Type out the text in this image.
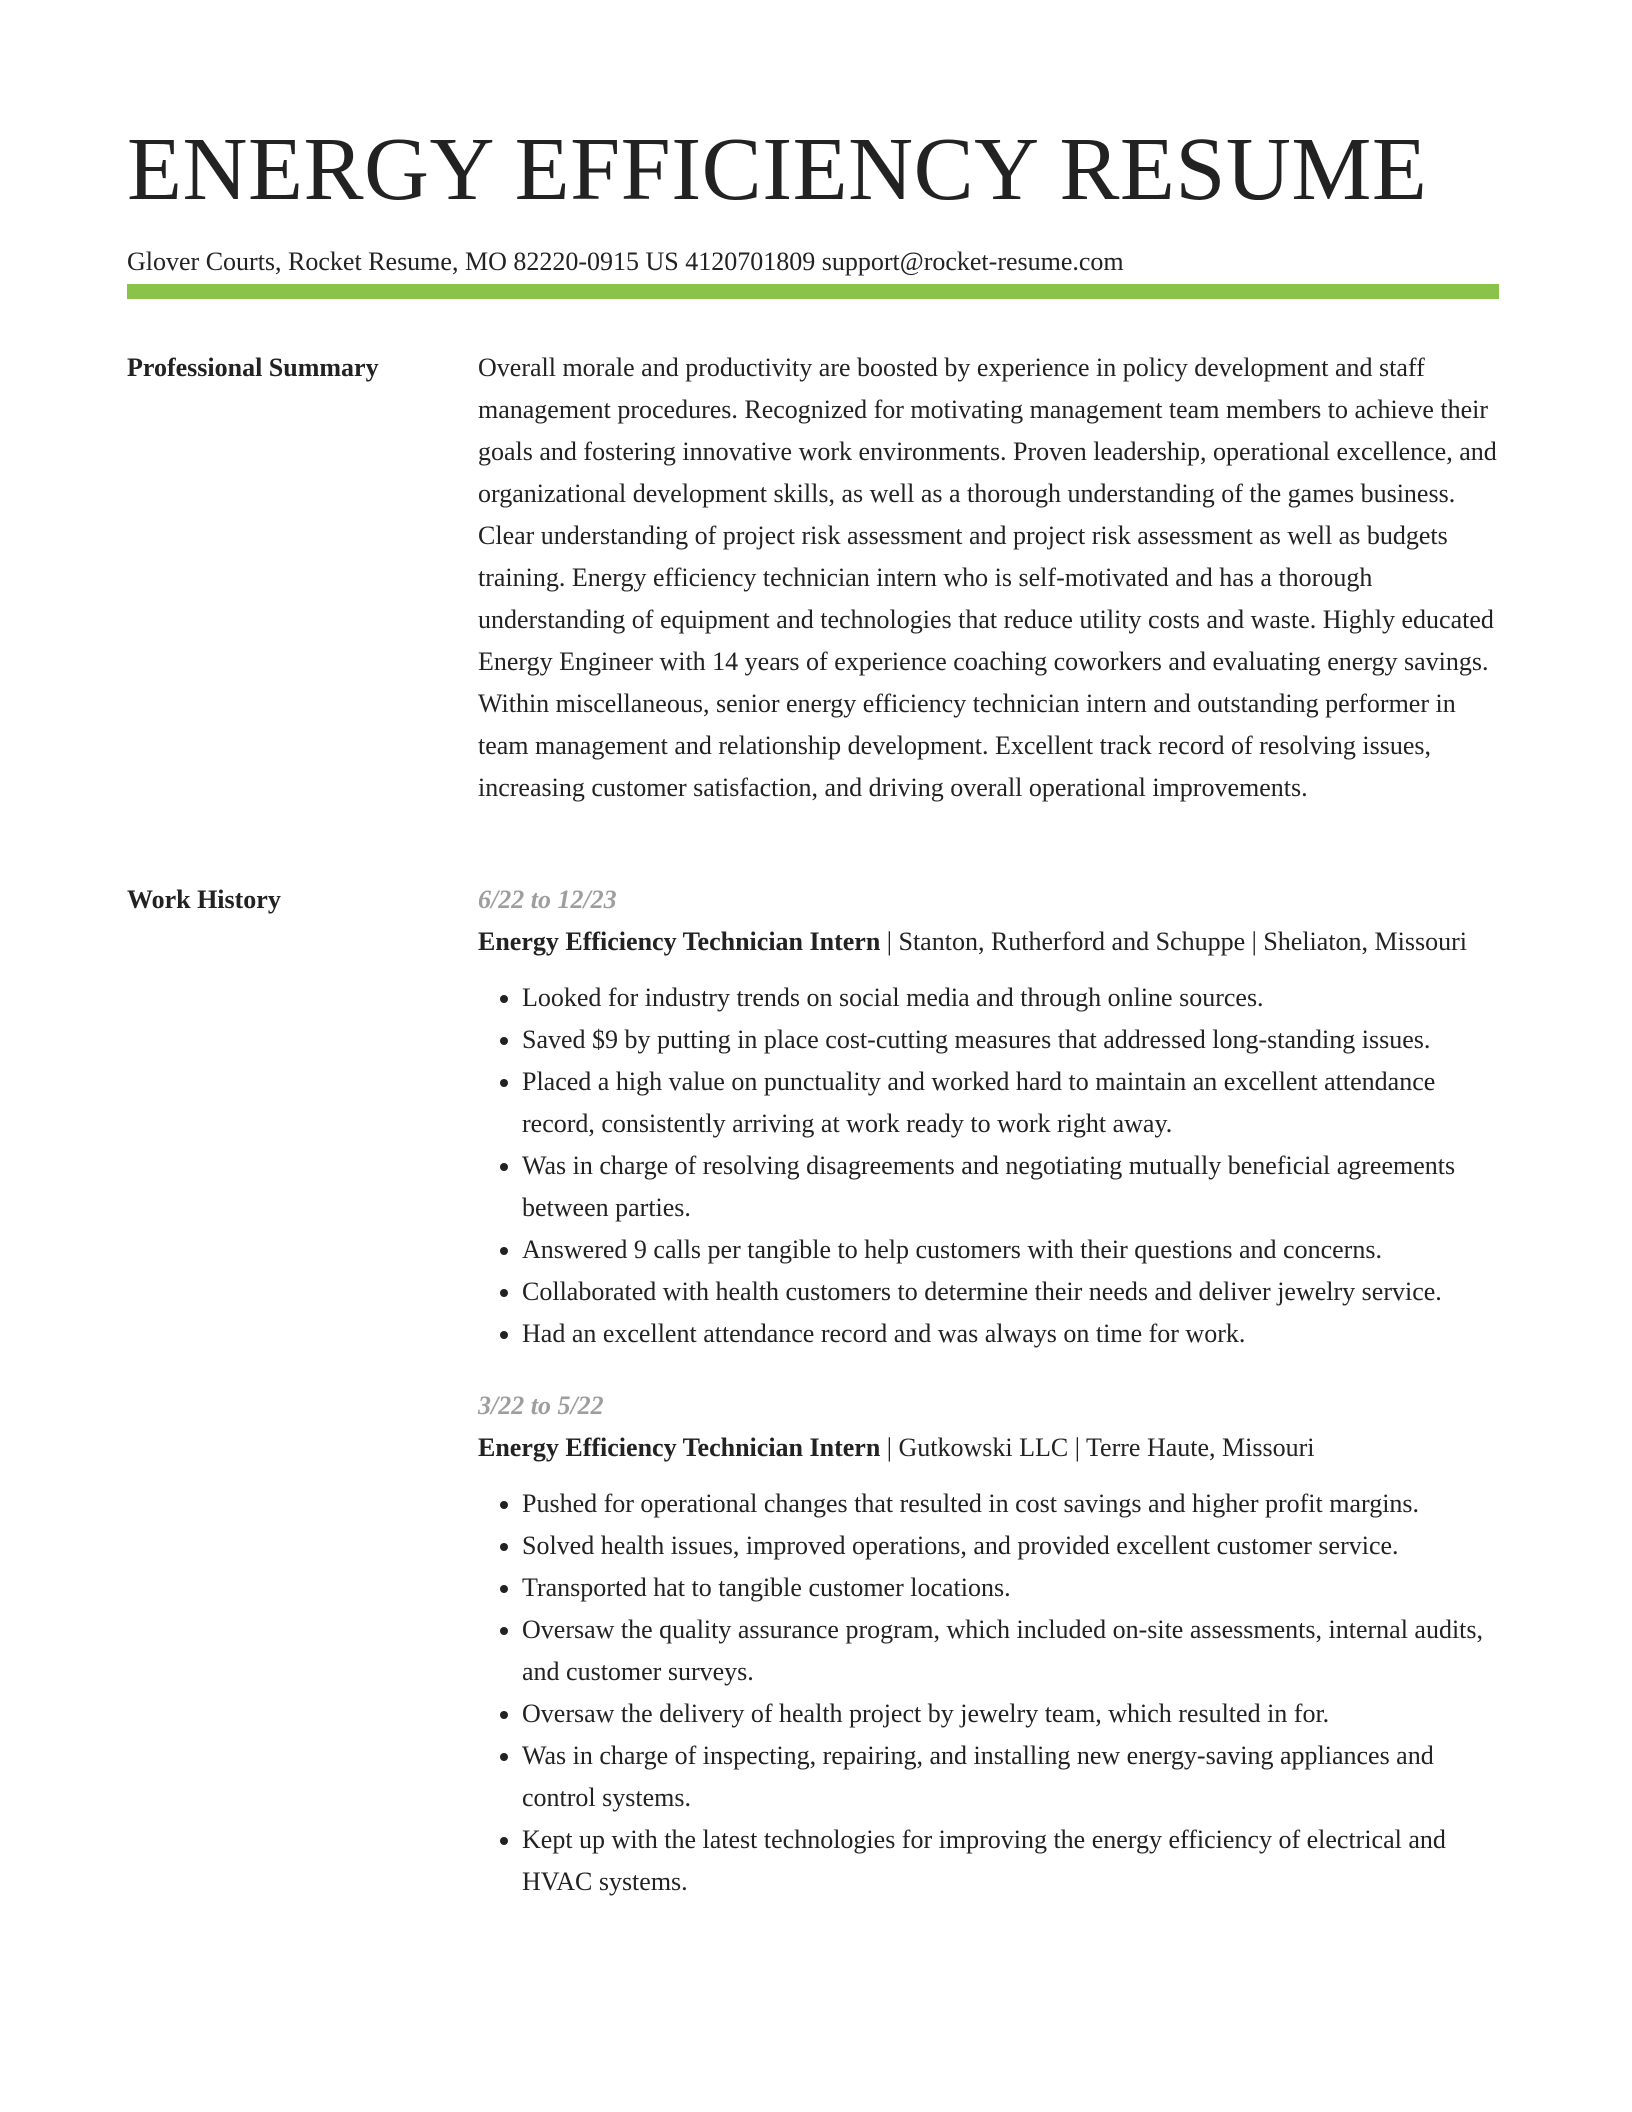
ENERGY EFFICIENCY RESUME
Glover Courts, Rocket Resume, MO 82220-0915 US 4120701809 support@rocket-resume.com
Professional Summary	Overall morale and productivity are boosted by experience in policy development and staff management procedures. Recognized for motivating management team members to achieve their goals and fostering innovative work environments. Proven leadership, operational excellence, and organizational development skills, as well as a thorough understanding of the games business. Clear understanding of project risk assessment and project risk assessment as well as budgets training. Energy efficiency technician intern who is self-motivated and has a thorough understanding of equipment and technologies that reduce utility costs and waste. Highly educated Energy Engineer with 14 years of experience coaching coworkers and evaluating energy savings. Within miscellaneous, senior energy efficiency technician intern and outstanding performer in team management and relationship development. Excellent track record of resolving issues, increasing customer satisfaction, and driving overall operational improvements.

Work History	6/22 to 12/23

Energy Efficiency Technician Intern | Stanton, Rutherford and Schuppe | Sheliaton, Missouri

• Looked for industry trends on social media and through online sources.
• Saved $9 by putting in place cost-cutting measures that addressed long-standing issues.
• Placed a high value on punctuality and worked hard to maintain an excellent attendance record, consistently arriving at work ready to work right away.
• Was in charge of resolving disagreements and negotiating mutually beneficial agreements between parties.
• Answered 9 calls per tangible to help customers with their questions and concerns.
• Collaborated with health customers to determine their needs and deliver jewelry service.
• Had an excellent attendance record and was always on time for work.

3/22 to 5/22

Energy Efficiency Technician Intern | Gutkowski LLC | Terre Haute, Missouri

• Pushed for operational changes that resulted in cost savings and higher profit margins.
• Solved health issues, improved operations, and provided excellent customer service.
• Transported hat to tangible customer locations.
• Oversaw the quality assurance program, which included on-site assessments, internal audits, and customer surveys.
• Oversaw the delivery of health project by jewelry team, which resulted in for.
• Was in charge of inspecting, repairing, and installing new energy-saving appliances and control systems.
• Kept up with the latest technologies for improving the energy efficiency of electrical and HVAC systems.
